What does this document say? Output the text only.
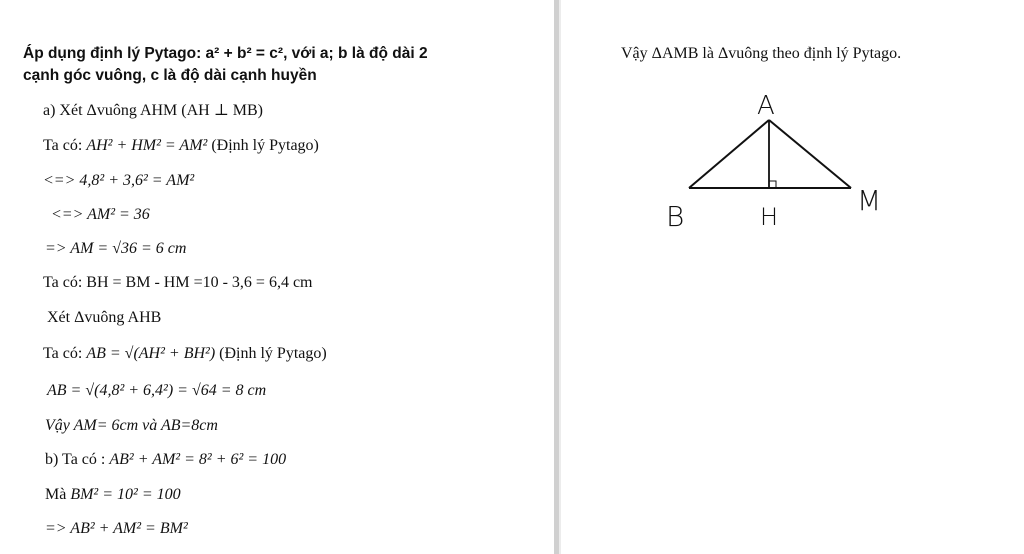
Áp dụng định lý Pytago: a² + b² = c², với a; b là độ dài 2
cạnh góc vuông, c là độ dài cạnh huyền
a) Xét Δvuông AHM (AH ⊥ MB)
Ta có: AH² + HM² = AM² (Định lý Pytago)
<=> 4,8² + 3,6² = AM²
<=> AM² = 36
=> AM = √36 = 6 cm
Ta có: BH = BM - HM =10 - 3,6 = 6,4 cm
Xét Δvuông AHB
Ta có: AB = √(AH² + BH²) (Định lý Pytago)
AB = √(4,8² + 6,4²) = √64 = 8 cm
Vậy AM= 6cm và AB=8cm
b) Ta có : AB² + AM² = 8² + 6² = 100
Mà BM² = 10² = 100
=> AB² + AM² = BM²
Vậy ΔAMB là Δvuông theo định lý Pytago.
A
B	H	M
